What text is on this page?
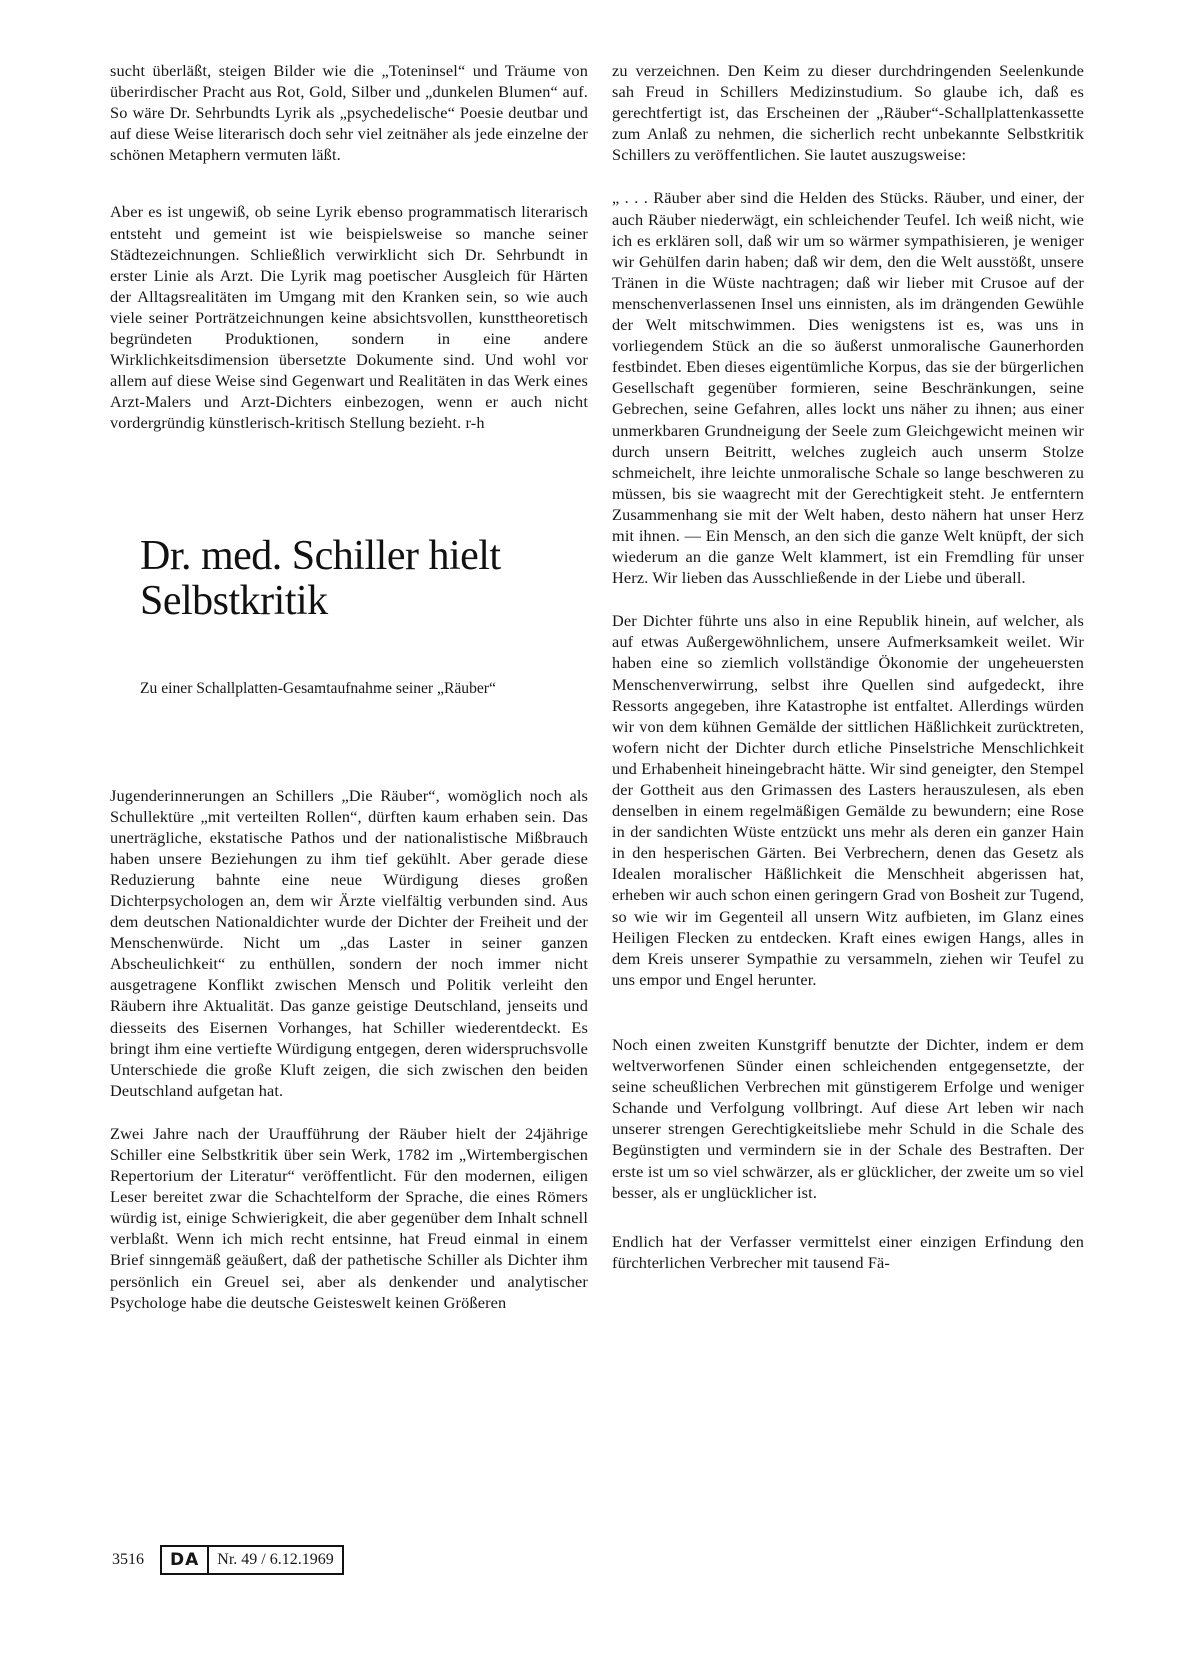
sucht überläßt, steigen Bilder wie die „Toteninsel“ und Träume von überirdischer Pracht aus Rot, Gold, Silber und „dunkelen Blumen“ auf. So wäre Dr. Sehrbundts Lyrik als „psychedelische“ Poesie deutbar und auf diese Weise literarisch doch sehr viel zeitnäher als jede einzelne der schönen Metaphern vermuten läßt.

Aber es ist ungewiß, ob seine Lyrik ebenso programmatisch literarisch entsteht und gemeint ist wie beispielsweise so manche seiner Städtezeichnungen. Schließlich verwirklicht sich Dr. Sehrbundt in erster Linie als Arzt. Die Lyrik mag poetischer Ausgleich für Härten der Alltagsrealitäten im Umgang mit den Kranken sein, so wie auch viele seiner Porträtzeichnungen keine absichtsvollen, kunsttheoretisch begründeten Produktionen, sondern in eine andere Wirklichkeitsdimension übersetzte Dokumente sind. Und wohl vor allem auf diese Weise sind Gegenwart und Realitäten in das Werk eines Arzt-Malers und Arzt-Dichters einbezogen, wenn er auch nicht vordergründig künstlerisch-kritisch Stellung bezieht. r-h

Dr. med. Schiller hielt Selbstkritik
Zu einer Schallplatten-Gesamtaufnahme seiner „Räuber“

Jugenderinnerungen an Schillers „Die Räuber“, womöglich noch als Schullektüre „mit verteilten Rollen“, dürften kaum erhaben sein. Das unerträgliche, ekstatische Pathos und der nationalistische Mißbrauch haben unsere Beziehungen zu ihm tief gekühlt. Aber gerade diese Reduzierung bahnte eine neue Würdigung dieses großen Dichterpsychologen an, dem wir Ärzte vielfältig verbunden sind. Aus dem deutschen Nationaldichter wurde der Dichter der Freiheit und der Menschenwürde. Nicht um „das Laster in seiner ganzen Abscheulichkeit“ zu enthüllen, sondern der noch immer nicht ausgetragene Konflikt zwischen Mensch und Politik verleiht den Räubern ihre Aktualität. Das ganze geistige Deutschland, jenseits und diesseits des Eisernen Vorhanges, hat Schiller wiederentdeckt. Es bringt ihm eine vertiefte Würdigung entgegen, deren widerspruchsvolle Unterschiede die große Kluft zeigen, die sich zwischen den beiden Deutschland aufgetan hat.

Zwei Jahre nach der Uraufführung der Räuber hielt der 24jährige Schiller eine Selbstkritik über sein Werk, 1782 im „Wirtembergischen Repertorium der Literatur“ veröffentlicht. Für den modernen, eiligen Leser bereitet zwar die Schachtelform der Sprache, die eines Römers würdig ist, einige Schwierigkeit, die aber gegenüber dem Inhalt schnell verblaßt. Wenn ich mich recht entsinne, hat Freud einmal in einem Brief sinngemäß geäußert, daß der pathetische Schiller als Dichter ihm persönlich ein Greuel sei, aber als denkender und analytischer Psychologe habe die deutsche Geisteswelt keinen Größeren

zu verzeichnen. Den Keim zu dieser durchdringenden Seelenkunde sah Freud in Schillers Medizinstudium. So glaube ich, daß es gerechtfertigt ist, das Erscheinen der „Räuber“-Schallplattenkassette zum Anlaß zu nehmen, die sicherlich recht unbekannte Selbstkritik Schillers zu veröffentlichen. Sie lautet auszugsweise:

„ . . . Räuber aber sind die Helden des Stücks. Räuber, und einer, der auch Räuber niederwägt, ein schleichender Teufel. Ich weiß nicht, wie ich es erklären soll, daß wir um so wärmer sympathisieren, je weniger wir Gehülfen darin haben; daß wir dem, den die Welt ausstößt, unsere Tränen in die Wüste nachtragen; daß wir lieber mit Crusoe auf der menschenverlassenen Insel uns einnisten, als im drängenden Gewühle der Welt mitschwimmen. Dies wenigstens ist es, was uns in vorliegendem Stück an die so äußerst unmoralische Gaunerhorden festbindet. Eben dieses eigentümliche Korpus, das sie der bürgerlichen Gesellschaft gegenüber formieren, seine Beschränkungen, seine Gebrechen, seine Gefahren, alles lockt uns näher zu ihnen; aus einer unmerkbaren Grundneigung der Seele zum Gleichgewicht meinen wir durch unsern Beitritt, welches zugleich auch unserm Stolze schmeichelt, ihre leichte unmoralische Schale so lange beschweren zu müssen, bis sie waagrecht mit der Gerechtigkeit steht. Je entferntern Zusammenhang sie mit der Welt haben, desto nähern hat unser Herz mit ihnen. — Ein Mensch, an den sich die ganze Welt knüpft, der sich wiederum an die ganze Welt klammert, ist ein Fremdling für unser Herz. Wir lieben das Ausschließende in der Liebe und überall.

Der Dichter führte uns also in eine Republik hinein, auf welcher, als auf etwas Außergewöhnlichem, unsere Aufmerksamkeit weilet. Wir haben eine so ziemlich vollständige Ökonomie der ungeheuersten Menschenverwirrung, selbst ihre Quellen sind aufgedeckt, ihre Ressorts angegeben, ihre Katastrophe ist entfaltet. Allerdings würden wir von dem kühnen Gemälde der sittlichen Häßlichkeit zurücktreten, wofern nicht der Dichter durch etliche Pinselstriche Menschlichkeit und Erhabenheit hineingebracht hätte. Wir sind geneigter, den Stempel der Gottheit aus den Grimassen des Lasters herauszulesen, als eben denselben in einem regelmäßigen Gemälde zu bewundern; eine Rose in der sandichten Wüste entzückt uns mehr als deren ein ganzer Hain in den hesperischen Gärten. Bei Verbrechern, denen das Gesetz als Idealen moralischer Häßlichkeit die Menschheit abgerissen hat, erheben wir auch schon einen geringern Grad von Bosheit zur Tugend, so wie wir im Gegenteil all unsern Witz aufbieten, im Glanz eines Heiligen Flecken zu entdecken. Kraft eines ewigen Hangs, alles in dem Kreis unserer Sympathie zu versammeln, ziehen wir Teufel zu uns empor und Engel herunter.

Noch einen zweiten Kunstgriff benutzte der Dichter, indem er dem weltverworfenen Sünder einen schleichenden entgegensetzte, der seine scheußlichen Verbrechen mit günstigerem Erfolge und weniger Schande und Verfolgung vollbringt. Auf diese Art leben wir nach unserer strengen Gerechtigkeitsliebe mehr Schuld in die Schale des Begünstigten und vermindern sie in der Schale des Bestraften. Der erste ist um so viel schwärzer, als er glücklicher, der zweite um so viel besser, als er unglücklicher ist.

Endlich hat der Verfasser vermittelst einer einzigen Erfindung den fürchterlichen Verbrecher mit tausend Fä-

3516	DA	Nr. 49 / 6.12.1969
